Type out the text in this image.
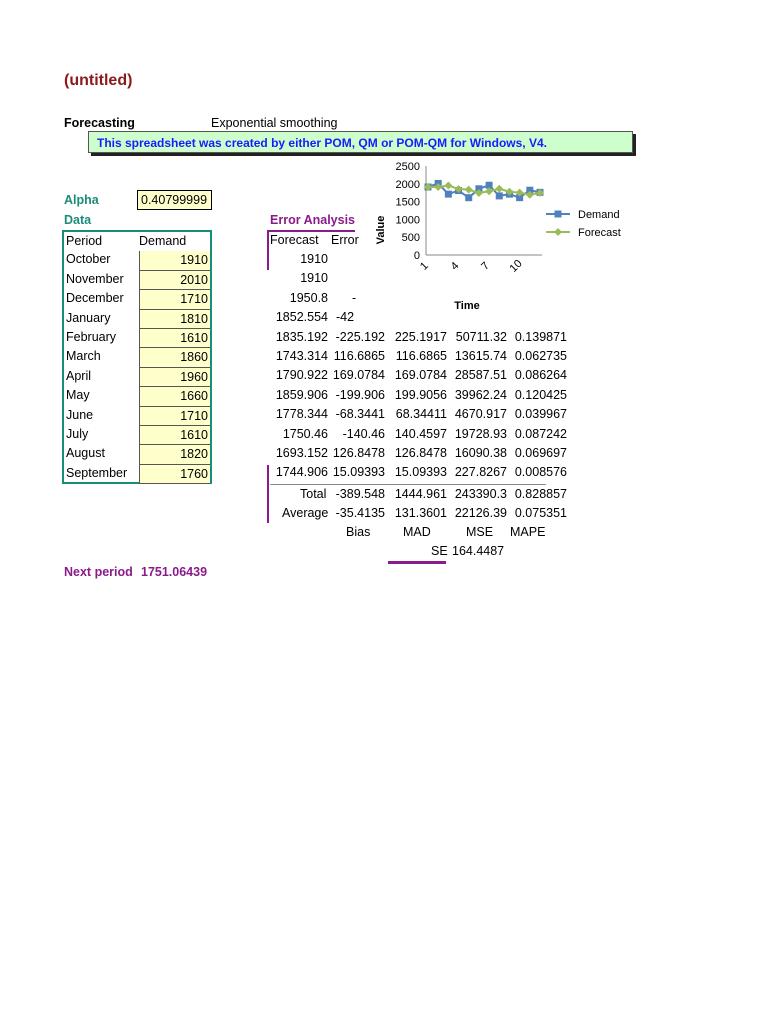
(untitled)
Forecasting	Exponential smoothing
This spreadsheet was created by either POM, QM or POM-QM for Windows, V4.
Alpha	0.40799999
Data	Error Analysis
Period	Demand
October	1910
November	2010
December	1710
January	1810
February	1610
March	1860
April	1960
May	1660
June	1710
July	1610
August	1820
September	1760
Forecast Error
1910
1910
1950.8 -
1852.554 -42
1835.192 -225.192 225.1917 50711.32 0.139871
1743.314 116.6865 116.6865 13615.74 0.062735
1790.922 169.0784 169.0784 28587.51 0.086264
1859.906 -199.906 199.9056 39962.24 0.120425
1778.344 -68.3441 68.34411 4670.917 0.039967
1750.46	-140.46 140.4597 19728.93 0.087242
1693.152 126.8478 126.8478 16090.38 0.069697
1744.906 15.09393 15.09393 227.8267 0.008576
Total -389.548 1444.961 243390.3 0.828857
Average -35.4135 131.3601 22126.39 0.075351
Bias	MAD	MSE MAPE
SE 164.4487
Next period 1751.06439
0
500
1000
1500
2000
2500
1 4 7 10
Value
Time
Demand
Forecast
